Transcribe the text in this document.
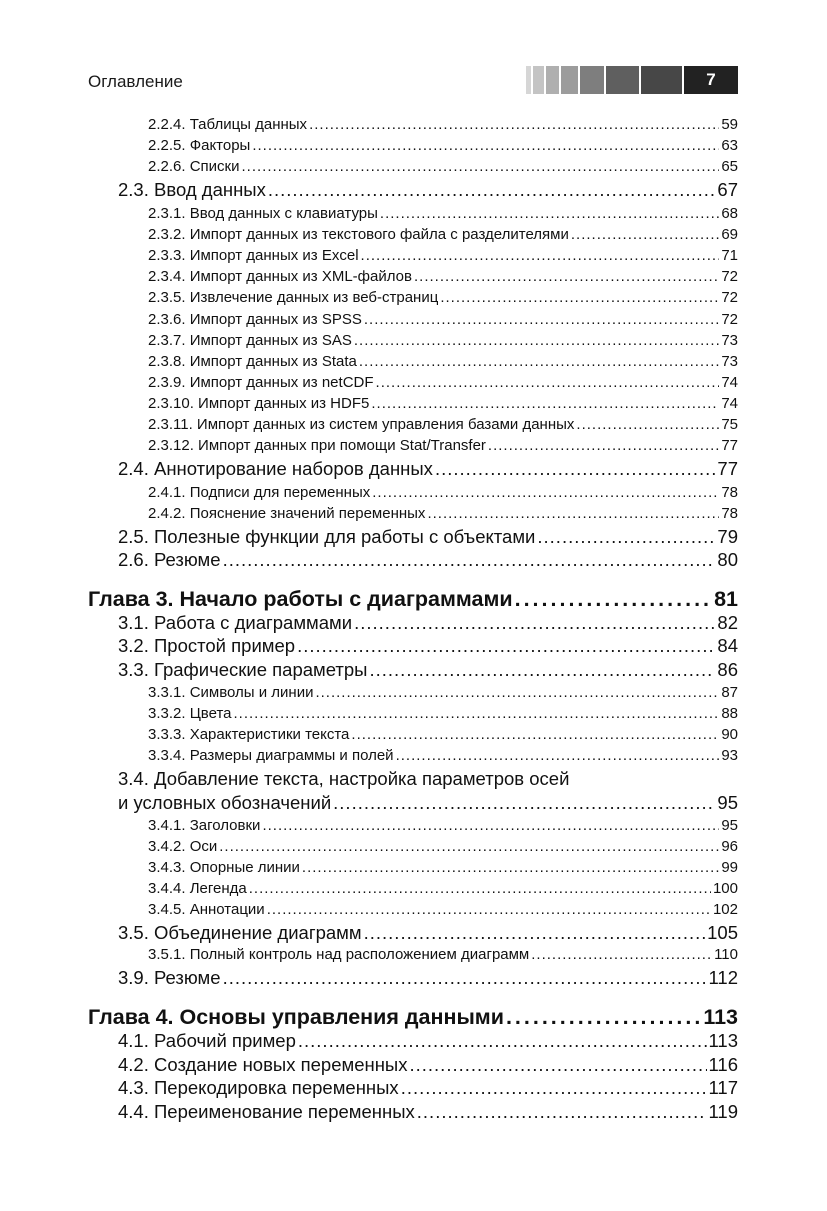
Оглавление	7
2.2.4. Таблицы данных .....	59
2.2.5. Факторы .....	63
2.2.6. Списки .....	65
2.3. Ввод данных .....	67
2.3.1. Ввод данных с клавиатуры .....	68
2.3.2. Импорт данных из текстового файла с разделителями .....	69
2.3.3. Импорт данных из Excel .....	71
2.3.4. Импорт данных из XML-файлов .....	72
2.3.5. Извлечение данных из веб-страниц .....	72
2.3.6. Импорт данных из SPSS .....	72
2.3.7. Импорт данных из SAS .....	73
2.3.8. Импорт данных из Stata .....	73
2.3.9. Импорт данных из netCDF .....	74
2.3.10. Импорт данных из HDF5 .....	74
2.3.11. Импорт данных из систем управления базами данных .....	75
2.3.12. Импорт данных при помощи Stat/Transfer .....	77
2.4. Аннотирование наборов данных .....	77
2.4.1. Подписи для переменных .....	78
2.4.2. Пояснение значений переменных .....	78
2.5. Полезные функции для работы с объектами .....	79
2.6. Резюме .....	80
Глава 3. Начало работы с диаграммами .....	81
3.1. Работа с диаграммами .....	82
3.2. Простой пример .....	84
3.3. Графические параметры .....	86
3.3.1. Символы и линии .....	87
3.3.2. Цвета .....	88
3.3.3. Характеристики текста .....	90
3.3.4. Размеры диаграммы и полей .....	93
3.4. Добавление текста, настройка параметров осей
и условных обозначений .....	95
3.4.1. Заголовки .....	95
3.4.2. Оси .....	96
3.4.3. Опорные линии .....	99
3.4.4. Легенда .....	100
3.4.5. Аннотации .....	102
3.5. Объединение диаграмм .....	105
3.5.1. Полный контроль над расположением диаграмм .....	110
3.9. Резюме .....	112
Глава 4. Основы управления данными .....	113
4.1. Рабочий пример .....	113
4.2. Создание новых переменных .....	116
4.3. Перекодировка переменных .....	117
4.4. Переименование переменных .....	119
